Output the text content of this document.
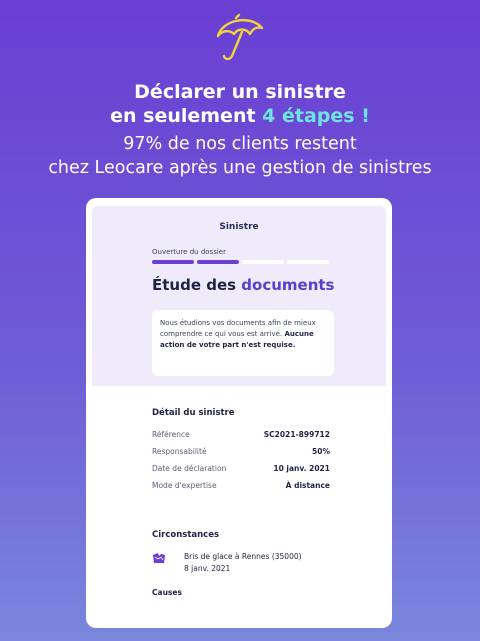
Déclarer un sinistre
en seulement 4 étapes !
97% de nos clients restent
chez Leocare après une gestion de sinistres
Sinistre
Ouverture du dossier
Étude des documents
Nous étudions vos documents afin de mieux comprendre ce qui vous est arrivé. Aucune action de votre part n'est requise.
Détail du sinistre
Référence	SC2021-899712
Responsabilité	50%
Date de déclaration	10 janv. 2021
Mode d'expertise	À distance
Circonstances
Bris de glace à Rennes (35000)
8 janv. 2021
Causes
